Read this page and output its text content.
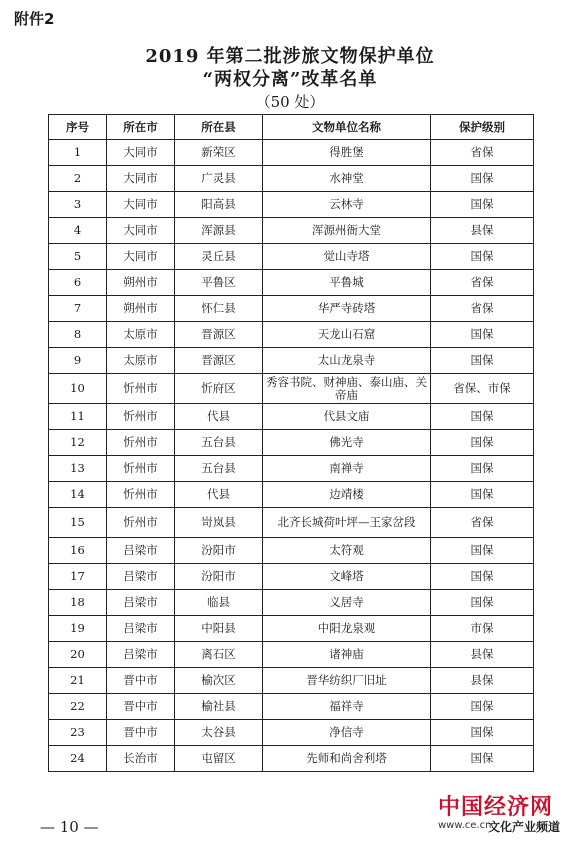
附件2
2019 年第二批涉旅文物保护单位
“两权分离”改革名单
（50 处）
序号	所在市	所在县	文物单位名称	保护级别
1	大同市	新荣区	得胜堡	省保
2	大同市	广灵县	水神堂	国保
3	大同市	阳高县	云林寺	国保
4	大同市	浑源县	浑源州衙大堂	县保
5	大同市	灵丘县	觉山寺塔	国保
6	朔州市	平鲁区	平鲁城	省保
7	朔州市	怀仁县	华严寺砖塔	省保
8	太原市	晋源区	天龙山石窟	国保
9	太原市	晋源区	太山龙泉寺	国保
10	忻州市	忻府区	秀容书院、财神庙、泰山庙、关帝庙	省保、市保
11	忻州市	代县	代县文庙	国保
12	忻州市	五台县	佛光寺	国保
13	忻州市	五台县	南禅寺	国保
14	忻州市	代县	边靖楼	国保
15	忻州市	岢岚县	北齐长城荷叶坪—王家岔段	省保
16	吕梁市	汾阳市	太符观	国保
17	吕梁市	汾阳市	文峰塔	国保
18	吕梁市	临县	义居寺	国保
19	吕梁市	中阳县	中阳龙泉观	市保
20	吕梁市	离石区	诸神庙	县保
21	晋中市	榆次区	晋华纺织厂旧址	县保
22	晋中市	榆社县	福祥寺	国保
23	晋中市	太谷县	净信寺	国保
24	长治市	屯留区	先师和尚舍利塔	国保
— 10 —
中国经济网
www.ce.cn
文化产业频道
